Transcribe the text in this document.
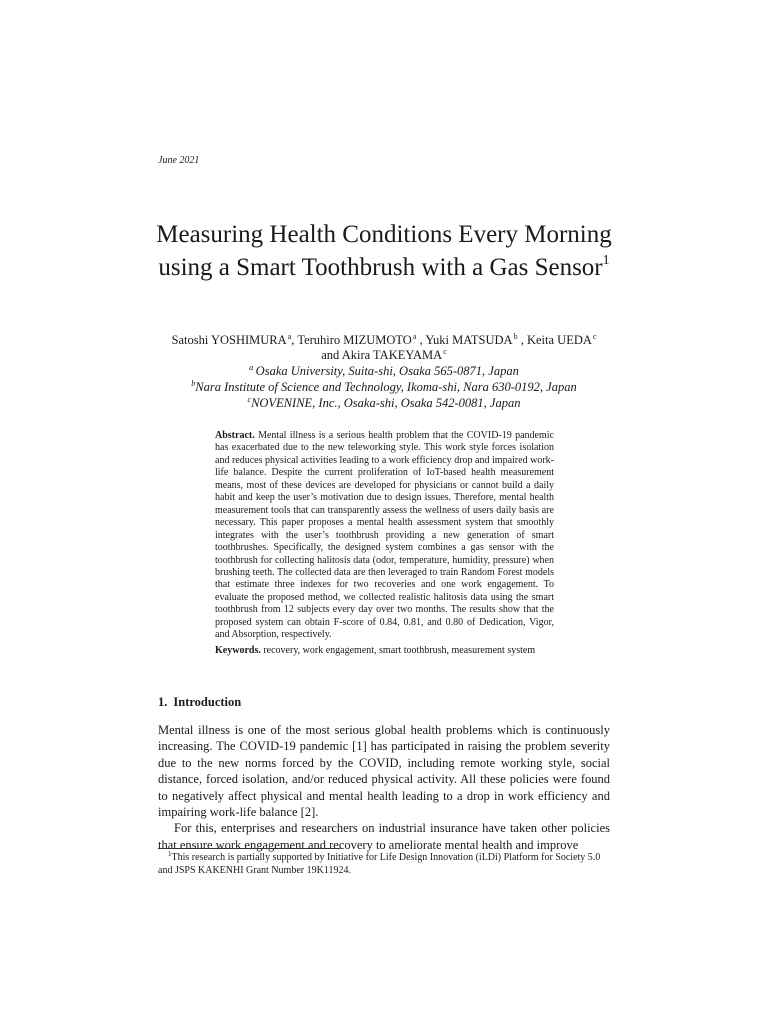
June 2021
Measuring Health Conditions Every Morning using a Smart Toothbrush with a Gas Sensor$^1$
Satoshi YOSHIMURA $^a$, Teruhiro MIZUMOTO $^a$ , Yuki MATSUDA $^b$ , Keita UEDA $^c$
and Akira TAKEYAMA $^c$
$^a$  Osaka University, Suita-shi, Osaka 565-0871, Japan
$^b$Nara Institute of Science and Technology, Ikoma-shi, Nara 630-0192, Japan
$^c$NOVENINE, Inc., Osaka-shi, Osaka 542-0081, Japan

Abstract. Mental illness is a serious health problem that the COVID-19 pandemic has exacerbated due to the new teleworking style. This work style forces isolation and reduces physical activities leading to a work efficiency drop and impaired work-life balance. Despite the current proliferation of IoT-based health measurement means, most of these devices are developed for physicians or cannot build a daily habit and keep the user’s motivation due to design issues. Therefore, mental health measurement tools that can transparently assess the wellness of users daily basis are necessary. This paper proposes a mental health assessment system that smoothly integrates with the user’s toothbrush providing a new generation of smart toothbrushes. Specifically, the designed system combines a gas sensor with the toothbrush for collecting halitosis data (odor, temperature, humidity, pressure) when brushing teeth. The collected data are then leveraged to train Random Forest models that estimate three indexes for two recoveries and one work engagement. To evaluate the proposed method, we collected realistic halitosis data using the smart toothbrush from 12 subjects every day over two months. The results show that the proposed system can obtain F-score of 0.84, 0.81, and 0.80 of Dedication, Vigor, and Absorption, respectively.

Keywords. recovery, work engagement, smart toothbrush, measurement system

1. Introduction

Mental illness is one of the most serious global health problems which is continuously increasing. The COVID-19 pandemic [1] has participated in raising the problem severity due to the new norms forced by the COVID, including remote working style, social distance, forced isolation, and/or reduced physical activity. All these policies were found to negatively affect physical and mental health leading to a drop in work efficiency and impairing work-life balance [2].

For this, enterprises and researchers on industrial insurance have taken other policies that ensure work engagement and recovery to ameliorate mental health and improve

$^1$This research is partially supported by Initiative for Life Design Innovation (iLDi) Platform for Society 5.0 and JSPS KAKENHI Grant Number 19K11924.
